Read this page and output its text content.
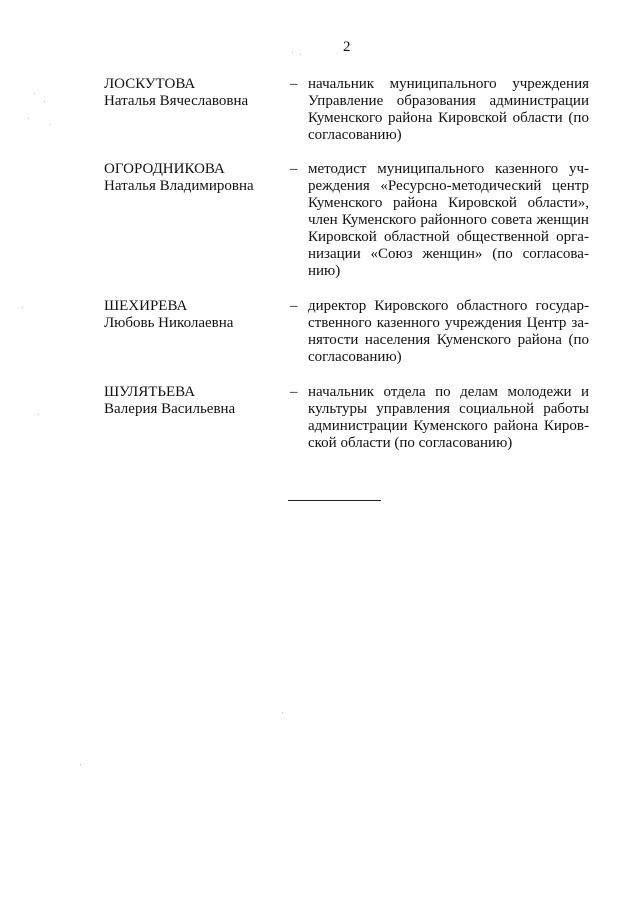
2
ЛОСКУТОВА
Наталья Вячеславовна
– начальник муниципального учреждения
Управление образования администрации
Куменского района Кировской области (по
согласованию)
ОГОРОДНИКОВА
Наталья Владимировна
– методист муниципального казенного уч-
реждения «Ресурсно-методический центр
Куменского района Кировской области»,
член Куменского районного совета женщин
Кировской областной общественной орга-
низации «Союз женщин» (по согласова-
нию)
ШЕХИРЕВА
Любовь Николаевна
– директор Кировского областного государ-
ственного казенного учреждения Центр за-
нятости населения Куменского района (по
согласованию)
ШУЛЯТЬЕВА
Валерия Васильевна
– начальник отдела по делам молодежи и
культуры управления социальной работы
администрации Куменского района Киров-
ской области (по согласованию)
